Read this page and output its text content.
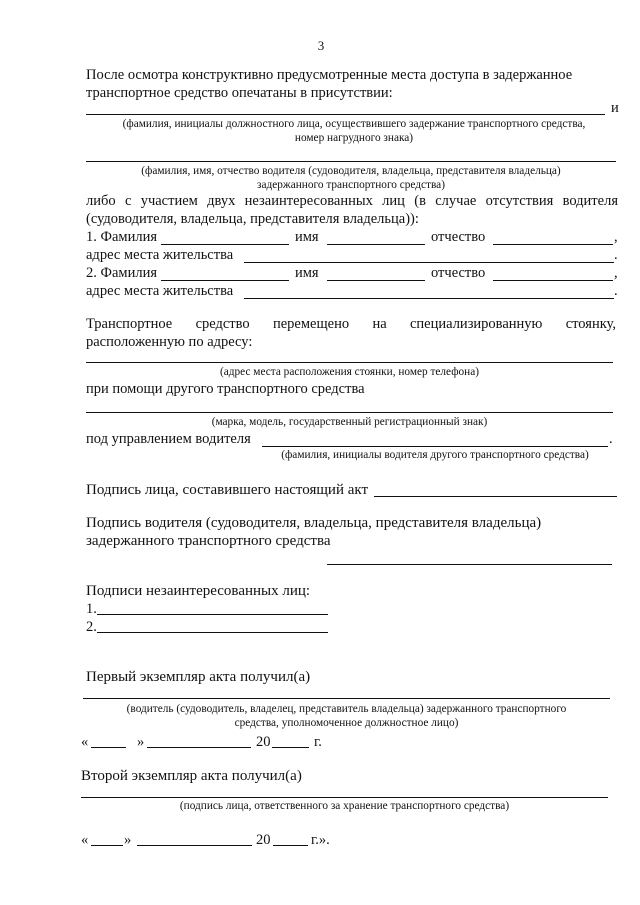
3
После осмотра конструктивно предусмотренные места доступа в задержанное
транспортное средство опечатаны в присутствии:
и
(фамилия, инициалы должностного лица, осуществившего задержание транспортного средства,
номер нагрудного знака)
(фамилия, имя, отчество водителя (судоводителя, владельца, представителя владельца)
задержанного транспортного средства)
либо с участием двух незаинтересованных лиц (в случае отсутствия водителя
(судоводителя, владельца, представителя владельца)):
1. Фамилия	имя	отчество	,
адрес места жительства	.
2. Фамилия	имя	отчество	,
адрес места жительства	.
Транспортное средство перемещено на специализированную стоянку,
расположенную по адресу:
(адрес места расположения стоянки, номер телефона)
при помощи другого транспортного средства
(марка, модель, государственный регистрационный знак)
под управлением водителя	.
(фамилия, инициалы водителя другого транспортного средства)
Подпись лица, составившего настоящий акт
Подпись водителя (судоводителя, владельца, представителя владельца)
задержанного транспортного средства
Подписи незаинтересованных лиц:
1.
2.
Первый экземпляр акта получил(а)
(водитель (судоводитель, владелец, представитель владельца) задержанного транспортного
средства, уполномоченное должностное лицо)
«	»	20	г.
Второй экземпляр акта получил(а)
(подпись лица, ответственного за хранение транспортного средства)
« »	20	г.».
